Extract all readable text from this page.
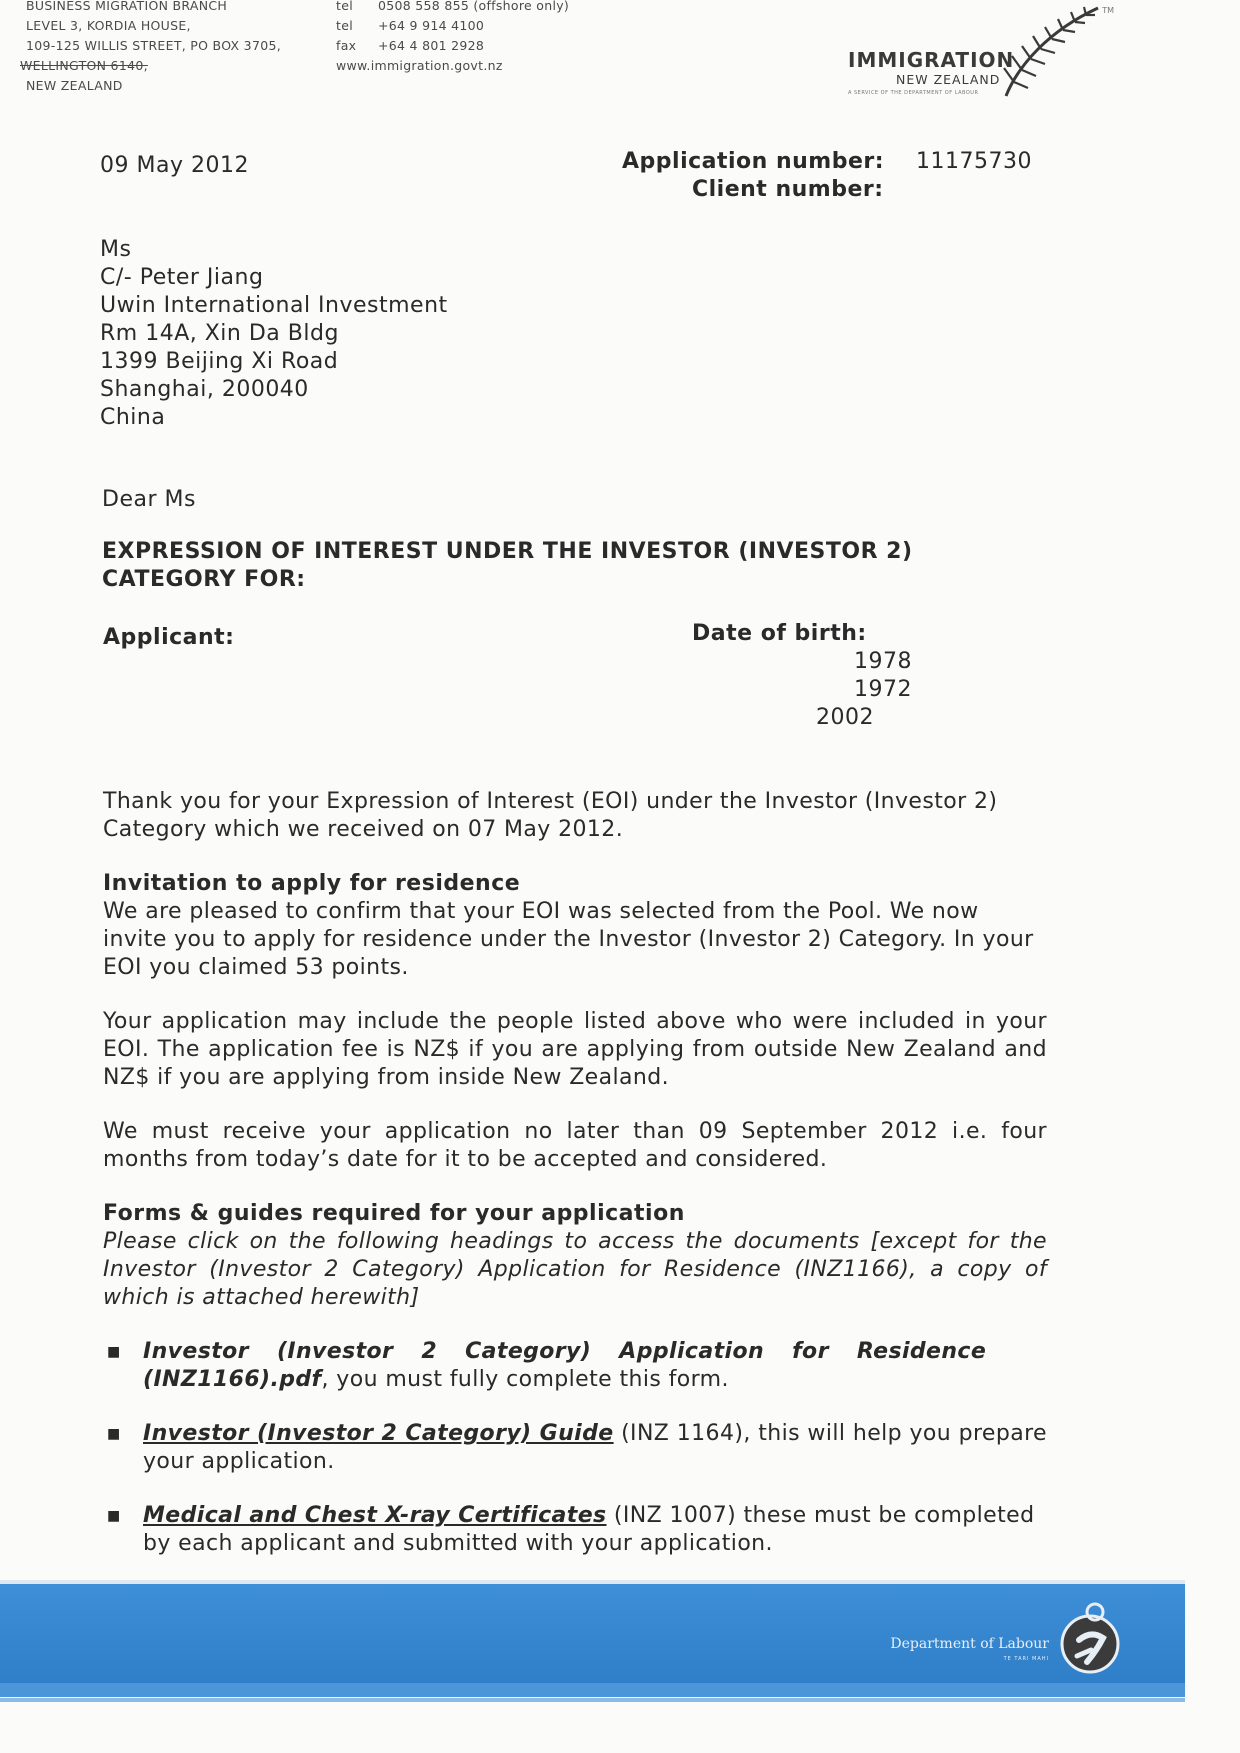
BUSINESS MIGRATION BRANCH
LEVEL 3, KORDIA HOUSE,
109-125 WILLIS STREET, PO BOX 3705,
WELLINGTON 6140,
NEW ZEALAND
tel 0508 558 855 (offshore only)
tel +64 9 914 4100
fax +64 4 801 2928
www.immigration.govt.nz	IMMIGRATION
NEW ZEALAND
A SERVICE OF THE DEPARTMENT OF LABOUR
TM
09 May 2012	Application number: 11175730
Client number:
Ms
C/- Peter Jiang
Uwin International Investment
Rm 14A, Xin Da Bldg
1399 Beijing Xi Road
Shanghai, 200040
China
Dear Ms
EXPRESSION OF INTEREST UNDER THE INVESTOR (INVESTOR 2)
CATEGORY FOR:
Applicant:	Date of birth:
1978
1972
2002
Thank you for your Expression of Interest (EOI) under the Investor (Investor 2) Category which we received on 07 May 2012.
Invitation to apply for residence
We are pleased to confirm that your EOI was selected from the Pool. We now invite you to apply for residence under the Investor (Investor 2) Category. In your EOI you claimed 53 points.
Your application may include the people listed above who were included in your EOI. The application fee is NZ$ if you are applying from outside New Zealand and NZ$ if you are applying from inside New Zealand.
We must receive your application no later than 09 September 2012 i.e. four months from today’s date for it to be accepted and considered.
Forms & guides required for your application
Please click on the following headings to access the documents [except for the Investor (Investor 2 Category) Application for Residence (INZ1166), a copy of which is attached herewith]
■ Investor (Investor 2 Category) Application for Residence
(INZ1166).pdf, you must fully complete this form.
■ Investor (Investor 2 Category) Guide (INZ 1164), this will help you prepare your application.
■ Medical and Chest X-ray Certificates (INZ 1007) these must be completed by each applicant and submitted with your application.
Department of Labour
TE TARI MAHI
